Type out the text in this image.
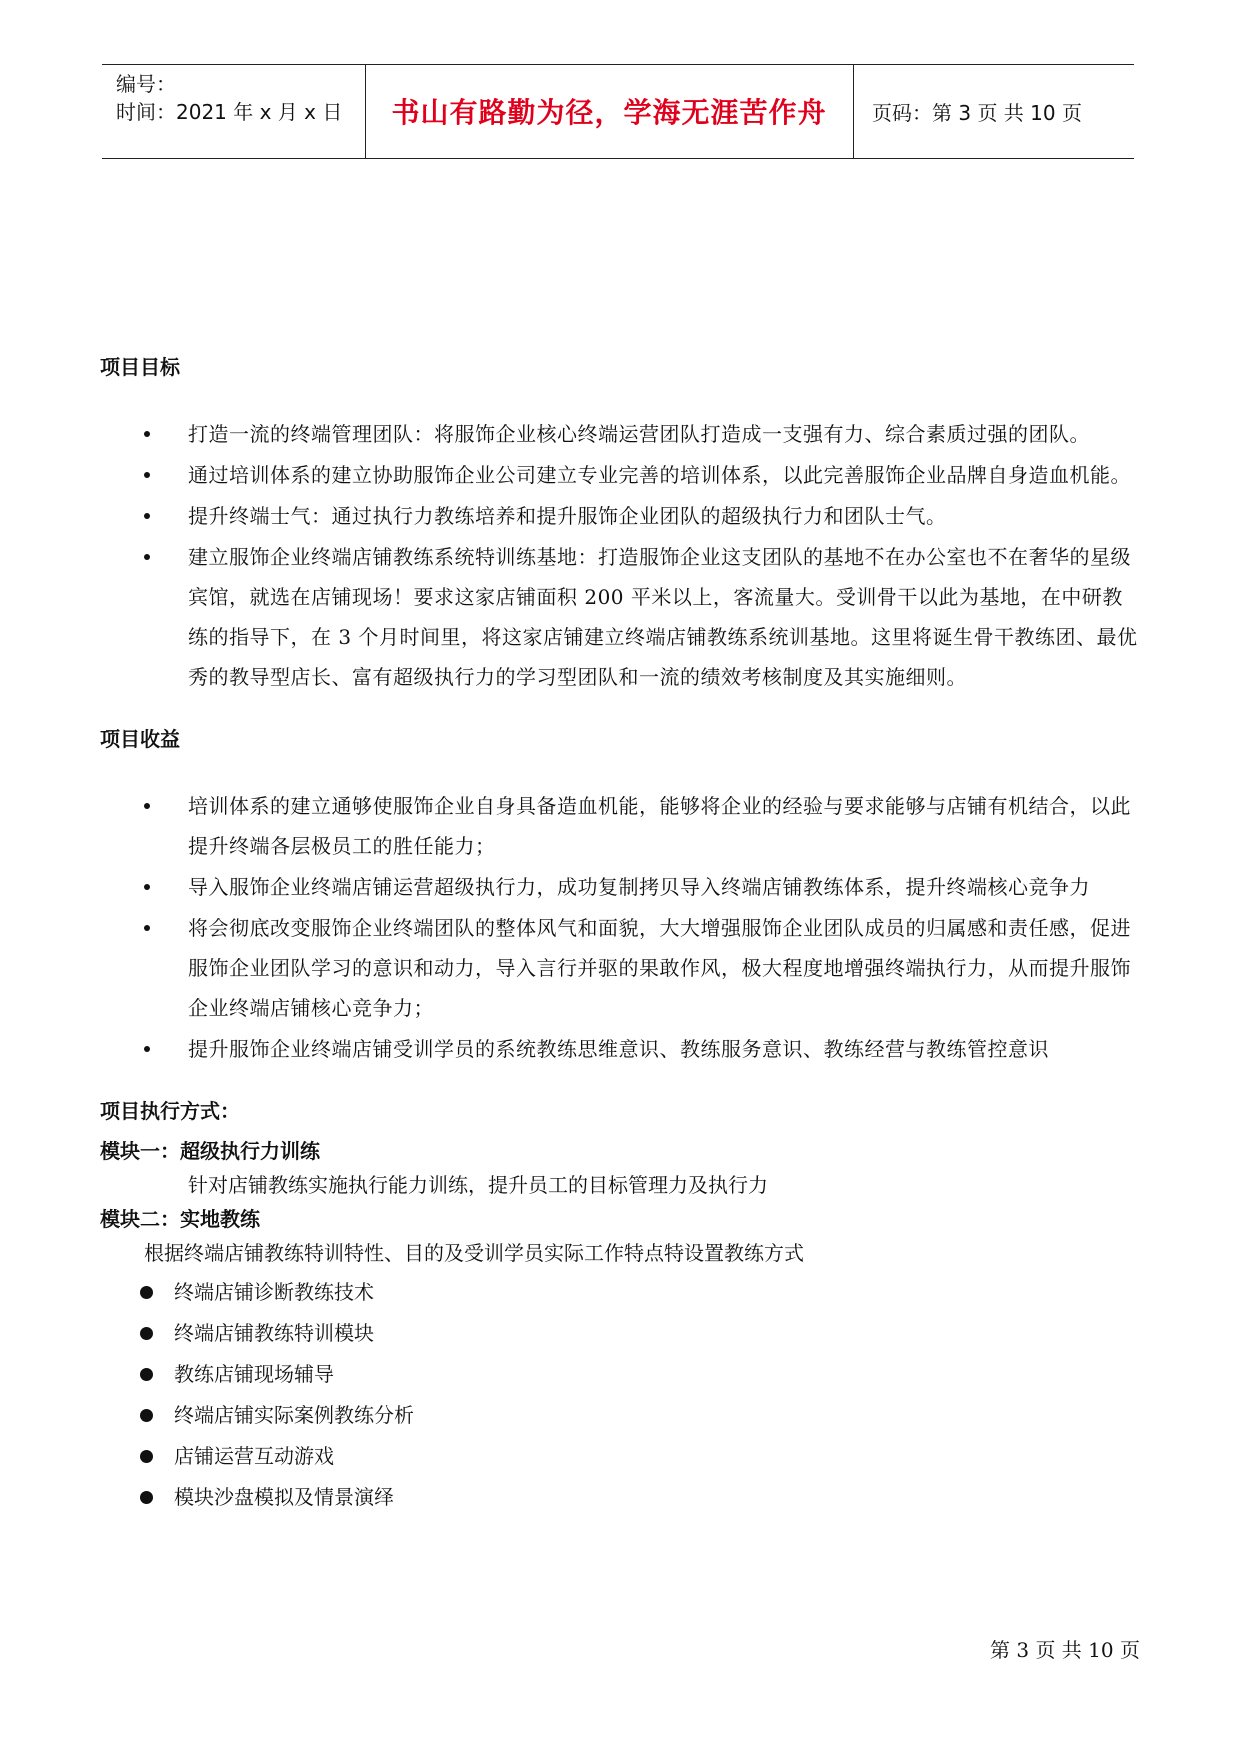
编号：
时间：2021 年 x 月 x 日	书山有路勤为径，学海无涯苦作舟	页码：第 3 页 共 10 页
项目目标
打造一流的终端管理团队：将服饰企业核心终端运营团队打造成一支强有力、综合素质过强的团队。
通过培训体系的建立协助服饰企业公司建立专业完善的培训体系，以此完善服饰企业品牌自身造血机能。
提升终端士气：通过执行力教练培养和提升服饰企业团队的超级执行力和团队士气。
建立服饰企业终端店铺教练系统特训练基地：打造服饰企业这支团队的基地不在办公室也不在奢华的星级宾馆，就选在店铺现场！要求这家店铺面积 200 平米以上，客流量大。受训骨干以此为基地，在中研教练的指导下，在 3 个月时间里，将这家店铺建立终端店铺教练系统训基地。这里将诞生骨干教练团、最优秀的教导型店长、富有超级执行力的学习型团队和一流的绩效考核制度及其实施细则。
项目收益
培训体系的建立通够使服饰企业自身具备造血机能，能够将企业的经验与要求能够与店铺有机结合，以此提升终端各层极员工的胜任能力；
导入服饰企业终端店铺运营超级执行力，成功复制拷贝导入终端店铺教练体系，提升终端核心竞争力
将会彻底改变服饰企业终端团队的整体风气和面貌，大大增强服饰企业团队成员的归属感和责任感，促进服饰企业团队学习的意识和动力，导入言行并驱的果敢作风，极大程度地增强终端执行力，从而提升服饰企业终端店铺核心竞争力；
提升服饰企业终端店铺受训学员的系统教练思维意识、教练服务意识、教练经营与教练管控意识
项目执行方式：
模块一：超级执行力训练
针对店铺教练实施执行能力训练，提升员工的目标管理力及执行力
模块二：实地教练
根据终端店铺教练特训特性、目的及受训学员实际工作特点特设置教练方式
终端店铺诊断教练技术
终端店铺教练特训模块
教练店铺现场辅导
终端店铺实际案例教练分析
店铺运营互动游戏
模块沙盘模拟及情景演绎
第 3 页 共 10 页
